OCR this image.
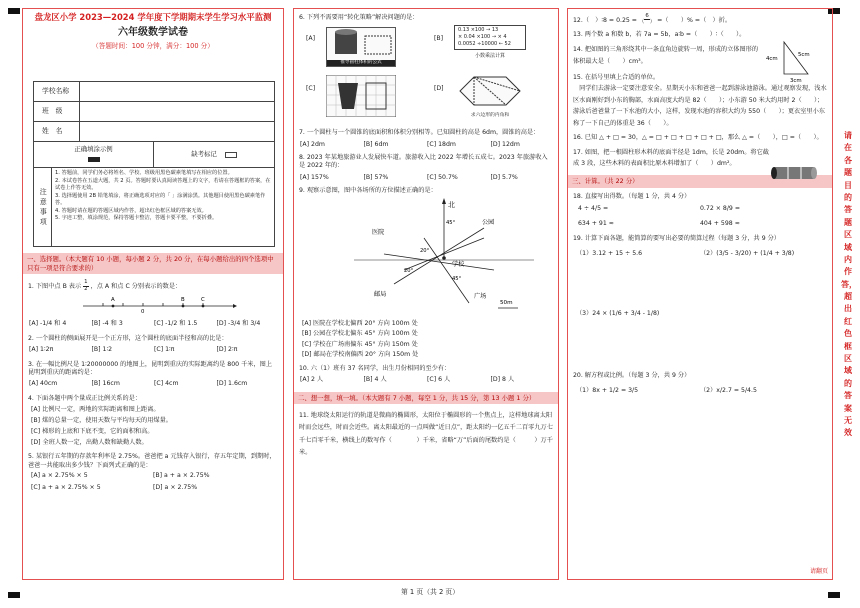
盘龙区小学 2023—2024 学年度下学期期末学生学习水平监测
六年级数学试卷
（答题时间：100 分钟，满分：100 分）
学校名称
班　级
姓　名
正确填涂示例
缺考标记
注意事项
1. 答题前，同学们务必将姓名、学校、班级用黑色碳素笔填写在相应的位置。
2. 本试卷答在五道大题，共 2 页。答题时要认真阅读答题上的文字，若请在答题框的答案，在试卷上作答无效。
3. 选择题使用 2B 铅笔填涂，将正确选项对应的「 」涂满涂黑。其他题目使用黑色碳素笔作答。
4. 答题时请在题的答题区域内作答，超出红色框区域的答案无效。
5. 字迹工整，填涂规范，保持答题卡整洁，答题卡要平整，不要折叠。
一、选择题。（本大题有 10 小题，每小题 2 分，共 20 分，在每小题给出的四个选项中只有一项是符合要求的）
1. 下图中点 B 表示 $\frac{1}{2}$ ，点 A 和点 C 分别表示的数是：
A	B	C
0
[A] -1/4 和 4	[B] -4 和 3	[C] -1/2 和 1.5	[D] -3/4 和 3/4
2. 一个圆柱的侧面展开是一个正方形，这个圆柱的底面半径和高的比是：
[A] 1∶2π	[B] 1∶2	[C] 1∶π	[D] 2∶π
3. 在一幅比例尺是 1∶20000000 的地图上，昆明到重庆的实际距离约是 800 千米，图上昆明到重庆的距离约是：
[A] 40cm	[B] 16cm	[C] 4cm	[D] 1.6cm
4. 下面各题中两个量成正比例关系的是：
[A] 比例尺一定，两地的实际距离和图上距离。
[B] 煤的总量一定，使用天数与平均每天的用煤量。
[C] 梯形的上底和下底不变，它的面积和高。
[D] 全班人数一定，出勤人数和缺勤人数。
5. 某银行五年期的存款年利率是 2.75%。爸爸把 a 元钱存入银行，存五年定期，到期时，爸爸一共能取出多少钱？下面列式正确的是：
[A] a × 2.75% × 5	[B] a + a × 2.75%
[C] a + a × 2.75% × 5	[D] a × 2.75%
6. 下列不需要用“转化策略”解决问题的是：
[A]
推导圆柱体积的公式
[B]
0.13 ×100 → 13
× 0.04 ×100 → × 4
0.0052 ÷10000 ← 52
小数乘法计算
[C]	[D]
求六边形的内角和
7. 一个圆柱与一个圆锥的底面积和体积分别相等。已知圆柱的高是 6dm，圆锥的高是：
[A] 2dm	[B] 6dm	[C] 18dm	[D] 12dm
8. 2023 年某地旅游业人发展快车道。旅游收入比 2022 年增长五成七。2023 年旅游收入是 2022 年的：
[A] 157%	[B] 57%	[C] 50.7%	[D] 5.7%
9. 观察示意图，图中各场所的方位描述正确的是：
北
医院
公园
学校
邮局	广场
45°
20°
20°
45°
50m
[A] 医院在学校北偏西 20° 方向 100m 处
[B] 公园在学校北偏东 45° 方向 100m 处
[C] 学校在广场南偏东 45° 方向 150m 处
[D] 邮局在学校南偏西 20° 方向 150m 处
10. 六（1）班有 37 名同学，出生月份相同的至少有：
[A] 2 人	[B] 4 人	[C] 6 人	[D] 8 人
二、想一想，填一填。（本大题有 7 小题，每空 1 分，共 15 分，第 13 小题 1 分）
11. 地球绕太阳运行的轨道是微扁的椭圆形，太阳位于椭圆形的一个焦点上，这样地球离太阳时而会远些，时而会近些。离太阳最近的一点叫做“近日点”，距太阳约一亿五千二百零九万七千七百零千米，横线上的数写作（　　　　）千米，省略“万”后面的尾数约是（　　　）万千米。
12.（　）∶8 = $0.25 = \frac{6}{( )}$ =（　　）% =（　）折。
13. 两个数 a 和数 b，若 7a = 5b，a∶b =（　　）∶（　　）。
14. 把如图的三角形绕其中一条直角边旋转一周，形成的立体图形的体积最大是（　　）cm³。	4cm
5cm
3cm
15. 在括号里填上合适的单位。
　同学们去游泳一定要注意安全。星期天小东和爸爸一起到游泳池游泳。通过观察发现，浅水区水面刚好到小东的胸部，水面高度大约是 82（　　）；小东游 50 米大约用时 2（　　）；游泳后爸爸量了一下水池的大小，这样，发现水池的容积大约为 550（　　）；更衣室里小东称了一下自己的体重是 36（　　）。
16. 已知 △ + □ = 30，△ = □ + □ + □ + □ + □，那么 △ =（　　），□ =（　　）。
17. 如图，把一根圆柱形木料的底面半径是 1dm，长是 20dm。将它截成 3 段，这些木料的表面积比原木料增加了（　　）dm²。
三、计算。（共 22 分）
18. 直接写出得数。（每题 1 分，共 4 分）
4 ÷ 4/5 =	0.72 × 8/9 =
634 + 91 ≈	404 + 598 ≈
19. 计算下面各题，能简算的要写出必要的简算过程（每题 3 分，共 9 分）
（1）3.12 + 15 ÷ 5.6	（2）(3/5 - 3/20) + (1/4 + 3/8)
（3）24 × (1/6 + 3/4 - 1/8)
20. 解方程或比例。（每题 3 分，共 9 分）
（1）8x + 1/2 = 3/5	（2）x/2.7 = 5/4.5
请翻页
请在各题目的答题区域内作答，超出红色框区域的答案无效
第 1 页（共 2 页）
